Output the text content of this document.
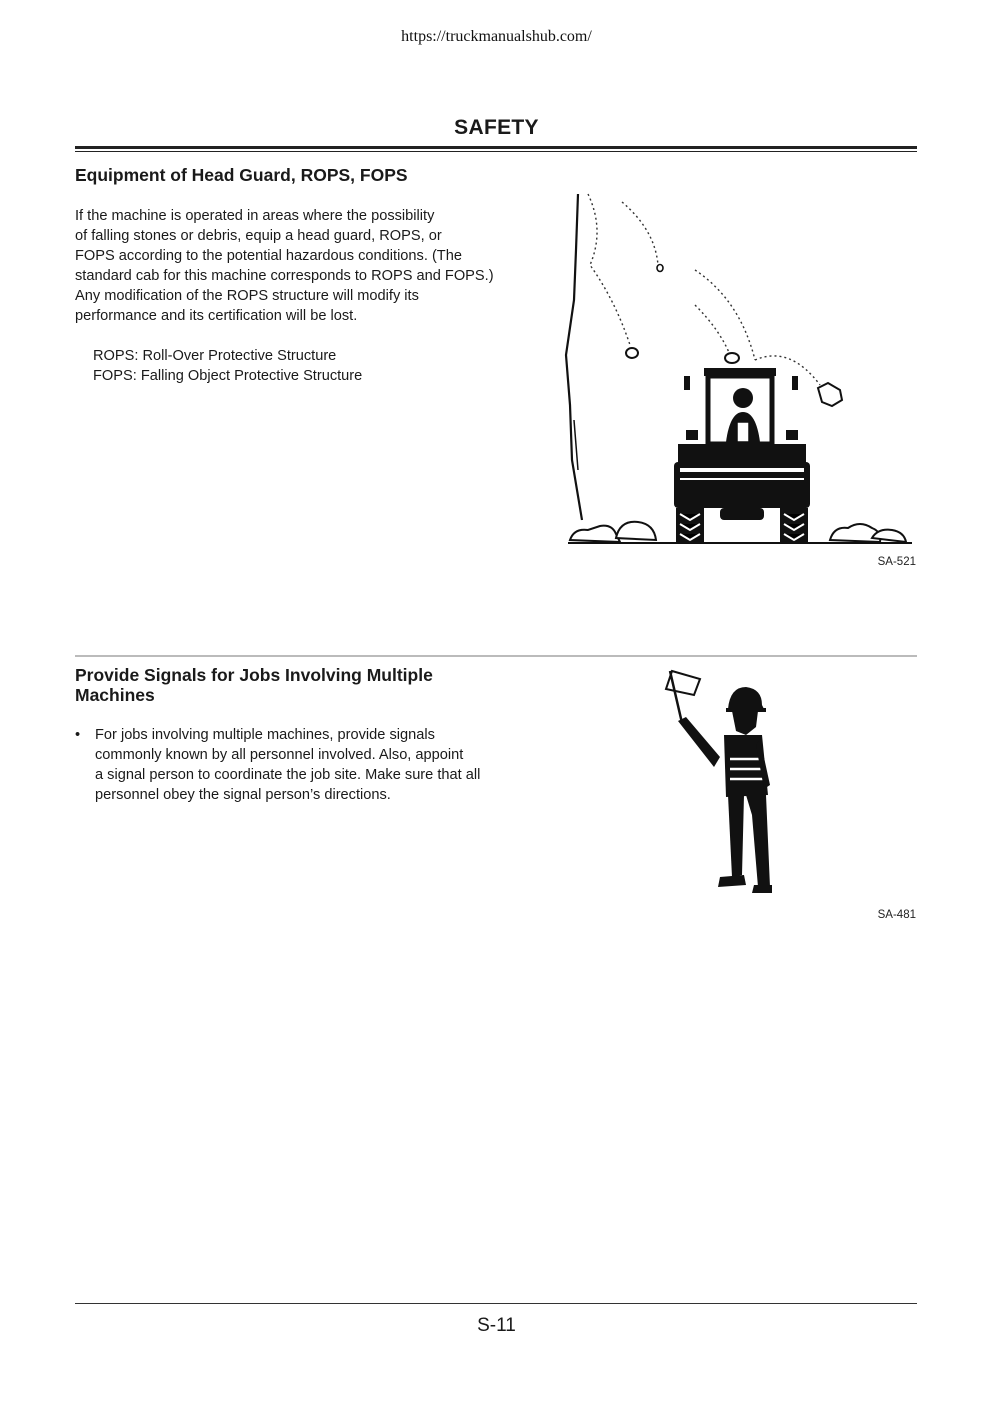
https://truckmanualshub.com/
SAFETY
Equipment of Head Guard, ROPS, FOPS

If the machine is operated in areas where the possibility

of falling stones or debris, equip a head guard, ROPS, or

FOPS according to the potential hazardous conditions. (The

standard cab for this machine corresponds to ROPS and FOPS.)

Any modification of the ROPS structure will modify its

performance and its certification will be lost.

ROPS: Roll-Over Protective Structure
FOPS: Falling Object Protective Structure
SA-521
Provide Signals for Jobs Involving Multiple Machines
• For jobs involving multiple machines, provide signals
commonly known by all personnel involved. Also, appoint
a signal person to coordinate the job site. Make sure that all
personnel obey the signal person’s directions.
SA-481
S-11
